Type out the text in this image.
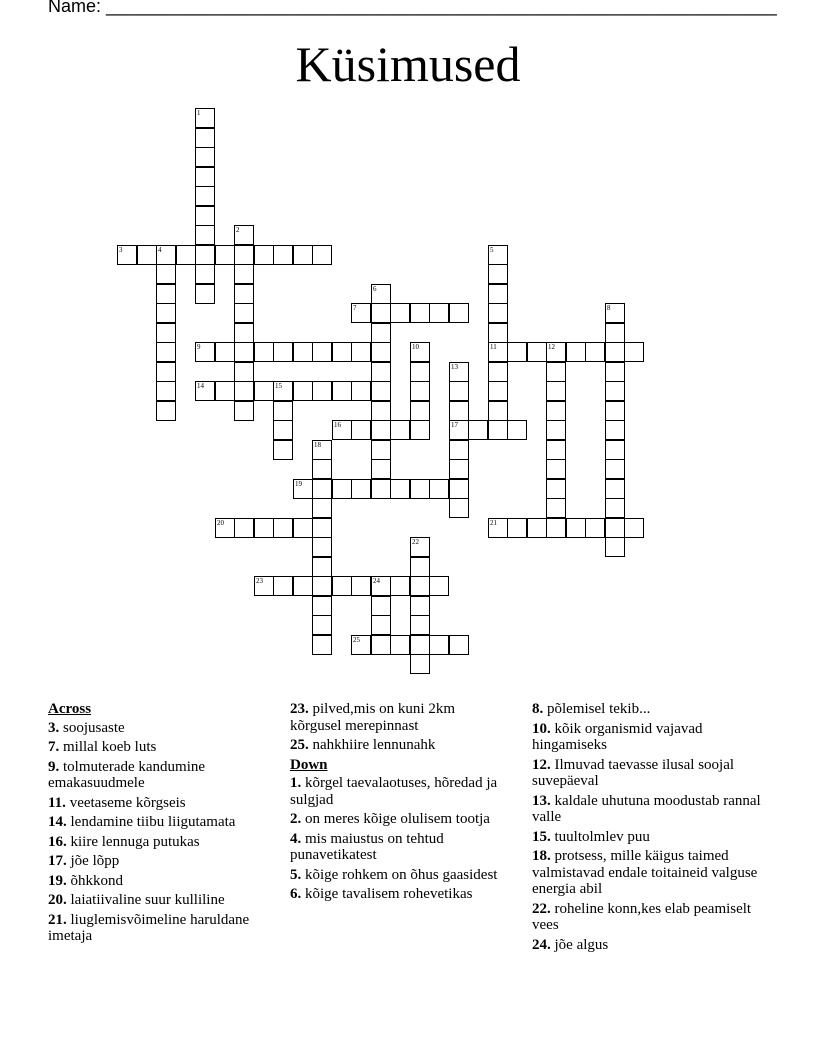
Name: ___________________________________________________________________
Küsimused
3	4
7
9	11	12
14	15
16	17
19
20	21
23	24
25
1
2
5
6
8
10
13
18
22
Across
3. soojusaste
7. millal koeb luts
9. tolmuterade kandumine emakasuudmele
11. veetaseme kõrgseis
14. lendamine tiibu liigutamata
16. kiire lennuga putukas
17. jõe lõpp
19. õhkkond
20. laiatiivaline suur kulliline
21. liuglemisvõimeline haruldane imetaja
23. pilved,mis on kuni 2km kõrgusel merepinnast
25. nahkhiire lennunahk
Down
1. kõrgel taevalaotuses, hõredad ja sulgjad
2. on meres kõige olulisem tootja
4. mis maiustus on tehtud punavetikatest
5. kõige rohkem on õhus gaasidest
6. kõige tavalisem rohevetikas
8. põlemisel tekib...
10. kõik organismid vajavad hingamiseks
12. Ilmuvad taevasse ilusal soojal suvepäeval
13. kaldale uhutuna moodustab rannal valle
15. tuultolmlev puu
18. protsess, mille käigus taimed valmistavad endale toitaineid valguse energia abil
22. roheline konn,kes elab peamiselt vees
24. jõe algus
